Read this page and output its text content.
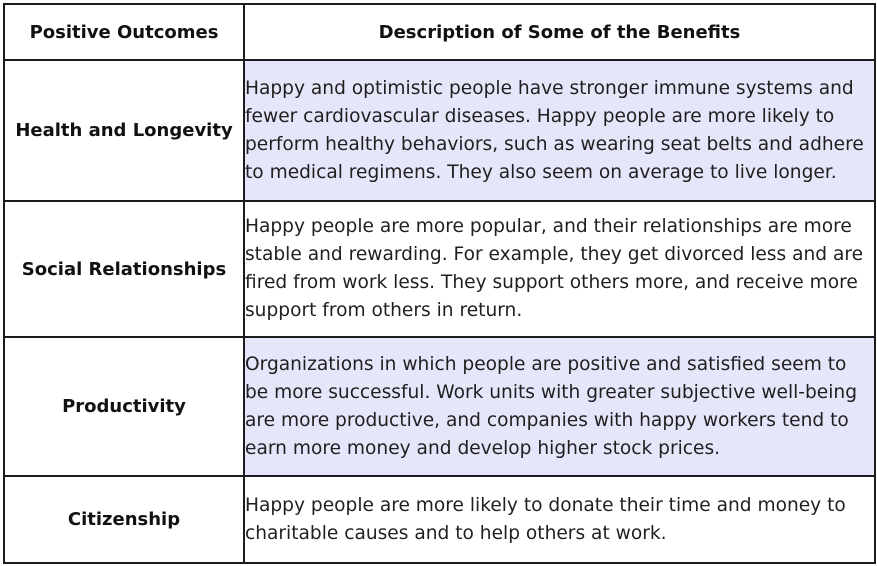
Positive Outcomes	Description of Some of the Benefits
Health and Longevity	Happy and optimistic people have stronger immune systems and fewer cardiovascular diseases. Happy people are more likely to perform healthy behaviors, such as wearing seat belts and adhere to medical regimens. They also seem on average to live longer.
Social Relationships	Happy people are more popular, and their relationships are more stable and rewarding. For example, they get divorced less and are fired from work less. They support others more, and receive more support from others in return.
Productivity	Organizations in which people are positive and satisfied seem to be more successful. Work units with greater subjective well-being are more productive, and companies with happy workers tend to earn more money and develop higher stock prices.
Citizenship	Happy people are more likely to donate their time and money to charitable causes and to help others at work.
